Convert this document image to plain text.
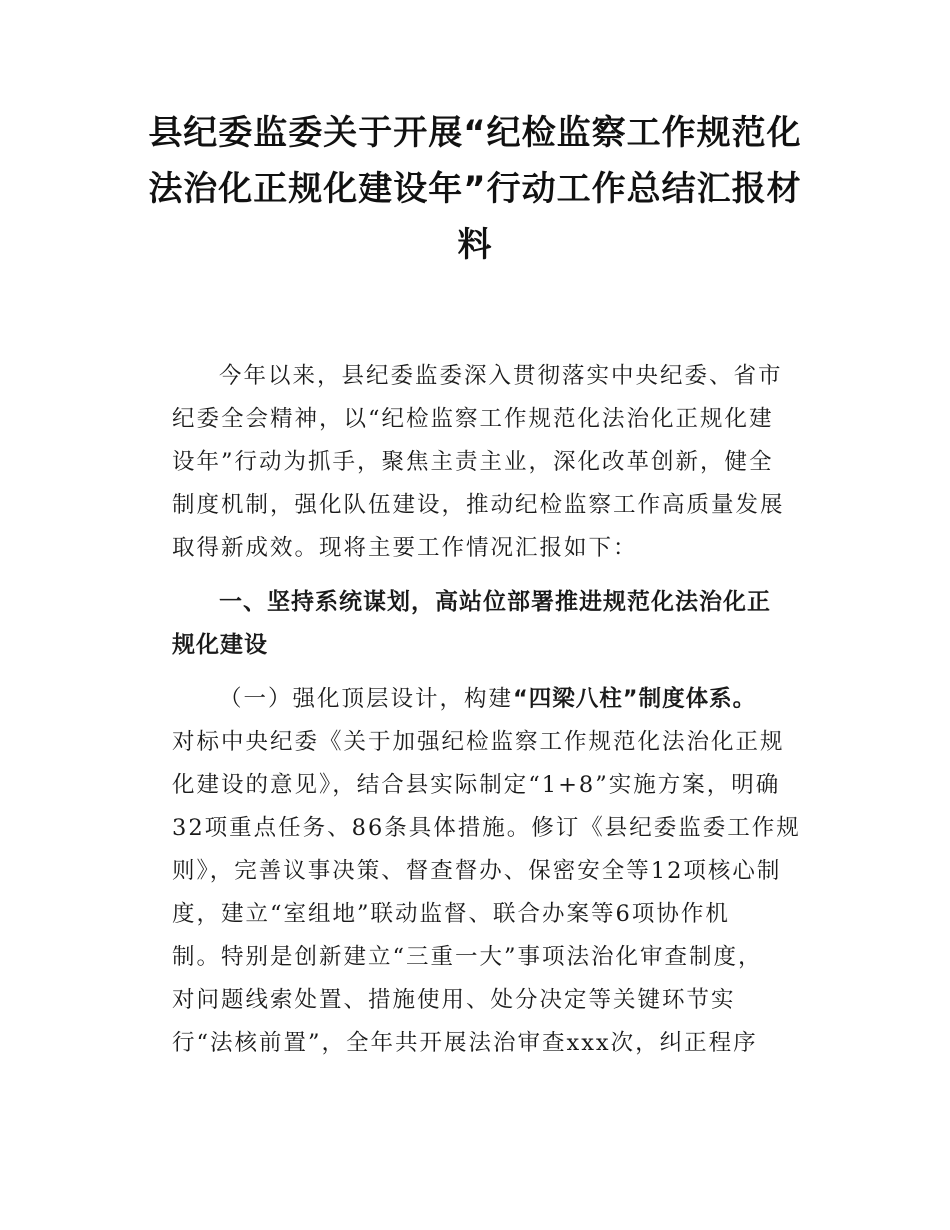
县纪委监委关于开展“纪检监察工作规范化
法治化正规化建设年”行动工作总结汇报材
料
今年以来，县纪委监委深入贯彻落实中央纪委、省市
纪委全会精神，以“纪检监察工作规范化法治化正规化建
设年”行动为抓手，聚焦主责主业，深化改革创新，健全
制度机制，强化队伍建设，推动纪检监察工作高质量发展
取得新成效。现将主要工作情况汇报如下：
一、坚持系统谋划，高站位部署推进规范化法治化正
规化建设
（一）强化顶层设计，构建“四梁八柱”制度体系。
对标中央纪委《关于加强纪检监察工作规范化法治化正规
化建设的意见》，结合县实际制定“1+8”实施方案，明确
32项重点任务、86条具体措施。修订《县纪委监委工作规
则》，完善议事决策、督查督办、保密安全等12项核心制
度，建立“室组地”联动监督、联合办案等6项协作机
制。特别是创新建立“三重一大”事项法治化审查制度，
对问题线索处置、措施使用、处分决定等关键环节实
行“法核前置”，全年共开展法治审查xxx次，纠正程序
